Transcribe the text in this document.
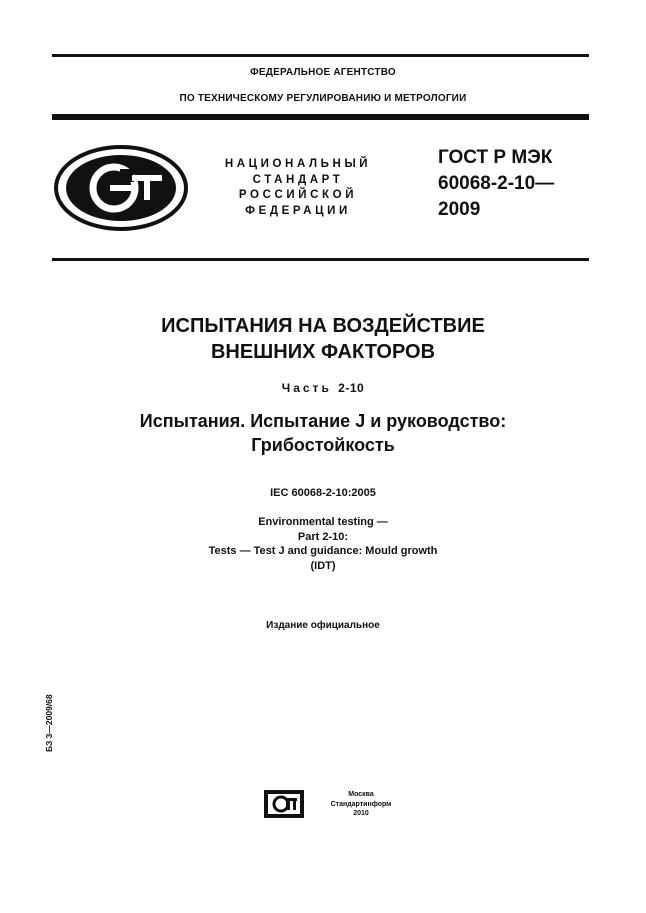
ФЕДЕРАЛЬНОЕ АГЕНТСТВО
ПО ТЕХНИЧЕСКОМУ РЕГУЛИРОВАНИЮ И МЕТРОЛОГИИ
НАЦИОНАЛЬНЫЙ
СТАНДАРТ
РОССИЙСКОЙ
ФЕДЕРАЦИИ
ГОСТ Р МЭК
60068-2-10—
2009
ИСПЫТАНИЯ НА ВОЗДЕЙСТВИЕ
ВНЕШНИХ ФАКТОРОВ
Часть 2-10
Испытания. Испытание J и руководство:
Грибостойкость
IEC 60068-2-10:2005
Environmental testing —
Part 2-10:
Tests — Test J and guidance: Mould growth
(IDT)
Издание официальное
БЗ 3—2009/68
Москва
Стандартинформ
2010
